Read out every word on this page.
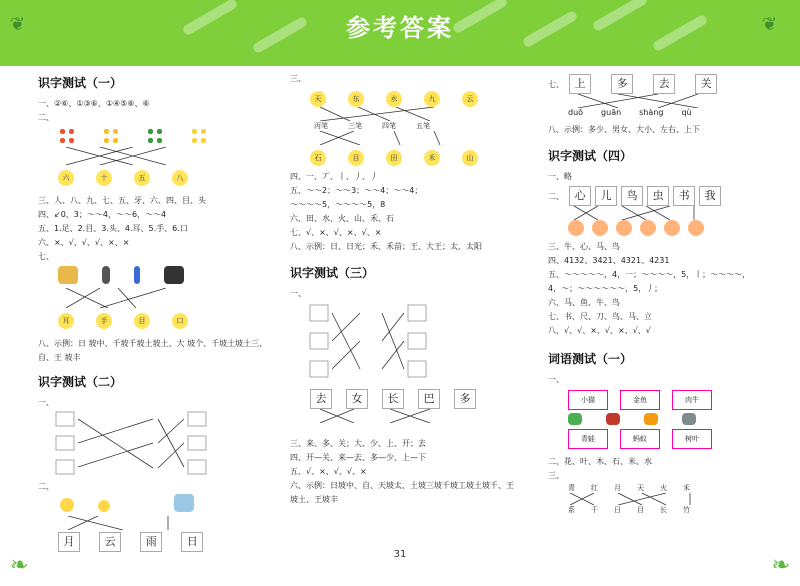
参考答案
❦	❦
识字测试（一）

一、②⑥、①③⑥、①④⑤⑥、⑥

二、

六	十	五	八

三、人、八、九、七、五、牙、六、四、目、头

四、↙0、3；〜〜4，〜〜6，〜〜4

五、1.足、2.目、3.头、4.耳、5.手、6.口

六、×、√、√、√、×、×

七、

耳	手	目	口

八、示例：日 坡中、千坡千坡土坡土、大 坡个、千坡土坡土三、

自、王 坡丰

识字测试（二）

一、

二、

月	云	雨	日

三、

天	东	水	九	云
丙笔	三笔	四笔	五笔
石	目	田	禾	山

四、一、丆、丨、丿、丿

五、〜〜2；〜〜3；〜〜4；〜〜4；

〜〜〜〜5，〜〜〜〜5，8

六、田、水、火、山、禾、石

七、√、×、√、×、√、×

八、示例：日、日光；禾、禾苗；王、大王；太、太阳

识字测试（三）

一、

去 女 长 巴 多

三、来、多、关；大、少、上、开；去

四、开—关、来—去、多—少、上—下

五、√、×、√、√、×

六、示例：日坡中、自、天坡太、土坡三坡千坡工坡土坡千、王

坡土、王坡丰

七、 上	多	去	关
duō guān shàng qù

八、示例：多少、男女、大小、左右、上下

识字测试（四）

一、略

二、 心 儿 鸟 虫 书 我

三、牛、心、马、鸟

四、4132、3421、4321、4231

五、〜〜〜〜〜，4，一；〜〜〜〜，5，丨；〜〜〜〜，

4，〜；〜〜〜〜〜〜，5，丿；

六、马、鱼、牛、鸟

七、书、尺、刀、鸟、马、立

八、√、√、×、√、×、√、√

词语测试（一）

一、

小猫	金鱼	肉牛
青蛙	蚂蚁	树叶

二、花、叶、木、石、米、水

三、

青 红 月 天 火 禾
系 千 日 目 长 竹
31
❧	❧
